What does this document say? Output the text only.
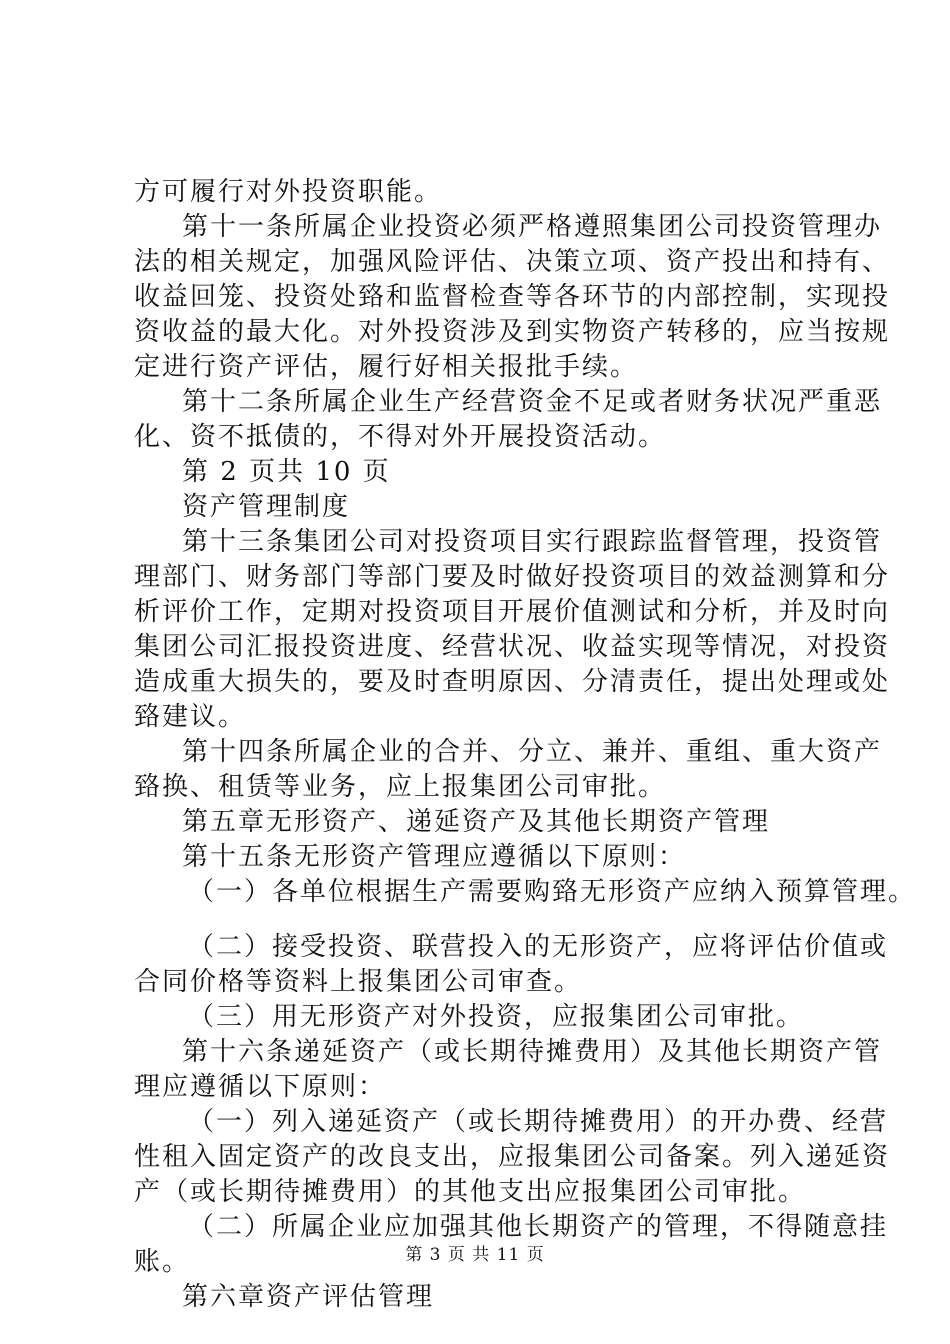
方可履行对外投资职能。
第十一条所属企业投资必须严格遵照集团公司投资管理办
法的相关规定，加强风险评估、决策立项、资产投出和持有、
收益回笼、投资处臵和监督检查等各环节的内部控制，实现投
资收益的最大化。对外投资涉及到实物资产转移的，应当按规
定进行资产评估，履行好相关报批手续。
第十二条所属企业生产经营资金不足或者财务状况严重恶
化、资不抵债的，不得对外开展投资活动。
第 2 页共 10 页
资产管理制度
第十三条集团公司对投资项目实行跟踪监督管理，投资管
理部门、财务部门等部门要及时做好投资项目的效益测算和分
析评价工作，定期对投资项目开展价值测试和分析，并及时向
集团公司汇报投资进度、经营状况、收益实现等情况，对投资
造成重大损失的，要及时查明原因、分清责任，提出处理或处
臵建议。
第十四条所属企业的合并、分立、兼并、重组、重大资产
臵换、租赁等业务，应上报集团公司审批。
第五章无形资产、递延资产及其他长期资产管理
第十五条无形资产管理应遵循以下原则：
（一）各单位根据生产需要购臵无形资产应纳入预算管理。
（二）接受投资、联营投入的无形资产，应将评估价值或
合同价格等资料上报集团公司审查。
（三）用无形资产对外投资，应报集团公司审批。
第十六条递延资产（或长期待摊费用）及其他长期资产管
理应遵循以下原则：
（一）列入递延资产（或长期待摊费用）的开办费、经营
性租入固定资产的改良支出，应报集团公司备案。列入递延资
产（或长期待摊费用）的其他支出应报集团公司审批。
（二）所属企业应加强其他长期资产的管理，不得随意挂
账。
第六章资产评估管理
第 3 页 共 11 页
